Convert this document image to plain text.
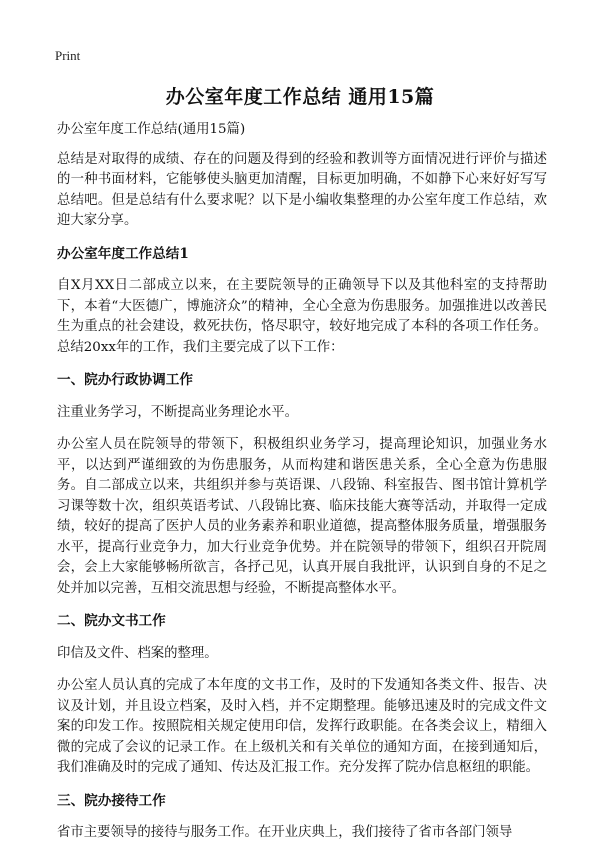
Print
办公室年度工作总结 通用15篇

办公室年度工作总结(通用15篇)

总结是对取得的成绩、存在的问题及得到的经验和教训等方面情况进行评价与描述的一种书面材料，它能够使头脑更加清醒，目标更加明确，不如静下心来好好写写总结吧。但是总结有什么要求呢？以下是小编收集整理的办公室年度工作总结，欢迎大家分享。

办公室年度工作总结1

自X月XX日二部成立以来，在主要院领导的正确领导下以及其他科室的支持帮助下，本着“大医德广，博施济众”的精神，全心全意为伤患服务。加强推进以改善民生为重点的社会建设，救死扶伤，恪尽职守，较好地完成了本科的各项工作任务。总结20xx年的工作，我们主要完成了以下工作：

一、院办行政协调工作

注重业务学习，不断提高业务理论水平。

办公室人员在院领导的带领下，积极组织业务学习，提高理论知识，加强业务水平，以达到严谨细致的为伤患服务，从而构建和谐医患关系，全心全意为伤患服务。自二部成立以来，共组织并参与英语课、八段锦、科室报告、图书馆计算机学习课等数十次，组织英语考试、八段锦比赛、临床技能大赛等活动，并取得一定成绩，较好的提高了医护人员的业务素养和职业道德，提高整体服务质量，增强服务水平，提高行业竞争力，加大行业竞争优势。并在院领导的带领下，组织召开院周会，会上大家能够畅所欲言，各抒己见，认真开展自我批评，认识到自身的不足之处并加以完善，互相交流思想与经验，不断提高整体水平。

二、院办文书工作

印信及文件、档案的整理。

办公室人员认真的完成了本年度的文书工作，及时的下发通知各类文件、报告、决议及计划，并且设立档案，及时入档，并不定期整理。能够迅速及时的完成文件文案的印发工作。按照院相关规定使用印信，发挥行政职能。在各类会议上，精细入微的完成了会议的记录工作。在上级机关和有关单位的通知方面，在接到通知后，我们准确及时的完成了通知、传达及汇报工作。充分发挥了院办信息枢纽的职能。

三、院办接待工作

省市主要领导的接待与服务工作。在开业庆典上，我们接待了省市各部门领导
